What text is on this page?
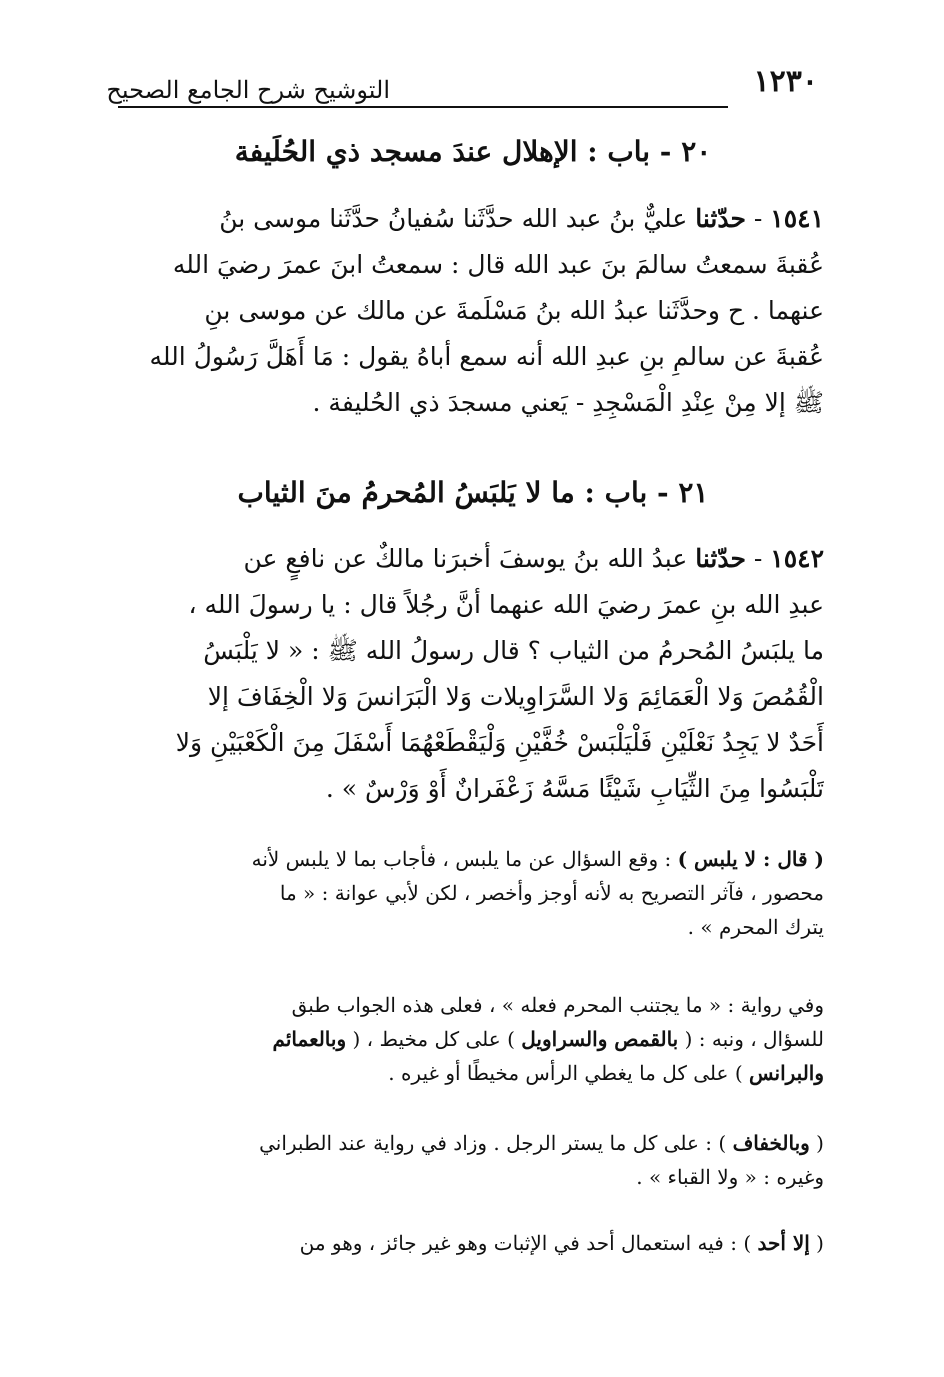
١٢٣٠
التوشيح شرح الجامع الصحيح
٢٠ - باب : الإهلال عندَ مسجد ذي الحُلَيفة
١٥٤١ - حدّثنا عليٌّ بنُ عبد الله حدَّثَنا سُفيانُ حدَّثَنا موسى بنُ
عُقبةَ سمعتُ سالمَ بنَ عبد الله قال : سمعتُ ابنَ عمرَ رضيَ الله
عنهما . ح وحدَّثَنا عبدُ الله بنُ مَسْلَمةَ عن مالك عن موسى بنِ
عُقبةَ عن سالمِ بنِ عبدِ الله أنه سمع أباهُ يقول : مَا أَهَلَّ رَسُولُ الله
ﷺ إلا مِنْ عِنْدِ الْمَسْجِدِ - يَعني مسجدَ ذي الحُليفة .
٢١ - باب : ما لا يَلبَسُ المُحرمُ منَ الثياب
١٥٤٢ - حدّثنا عبدُ الله بنُ يوسفَ أخبرَنا مالكٌ عن نافعٍ عن
عبدِ الله بنِ عمرَ رضيَ الله عنهما أنَّ رجُلاً قال : يا رسولَ الله ،
ما يلبَسُ المُحرمُ من الثياب ؟ قال رسولُ الله ﷺ : « لا يَلْبَسُ
الْقُمُصَ وَلا الْعَمَائِمَ وَلا السَّرَاوِيلات وَلا الْبَرَانسَ وَلا الْخِفَافَ إلا
أَحَدٌ لا يَجِدُ نَعْلَيْنِ فَلْيَلْبَسْ خُفَّيْنِ وَلْيَقْطَعْهُمَا أَسْفَلَ مِنَ الْكَعْبَيْنِ وَلا
تَلْبَسُوا مِنَ الثِّيَابِ شَيْئًا مَسَّهُ زَعْفَرانٌ أَوْ وَرْسٌ » .
( قال : لا يلبس ) : وقع السؤال عن ما يلبس ، فأجاب بما لا يلبس لأنه
محصور ، فآثر التصريح به لأنه أوجز وأخصر ، لكن لأبي عوانة : « ما
يترك المحرم » .
وفي رواية : « ما يجتنب المحرم فعله » ، فعلى هذه الجواب طبق
للسؤال ، ونبه : ( بالقمص والسراويل ) على كل مخيط ، ( وبالعمائم
والبرانس ) على كل ما يغطي الرأس مخيطًا أو غيره .
( وبالخفاف ) : على كل ما يستر الرجل . وزاد في رواية عند الطبراني
وغيره : « ولا القباء » .
( إلا أحد ) : فيه استعمال أحد في الإثبات وهو غير جائز ، وهو من
